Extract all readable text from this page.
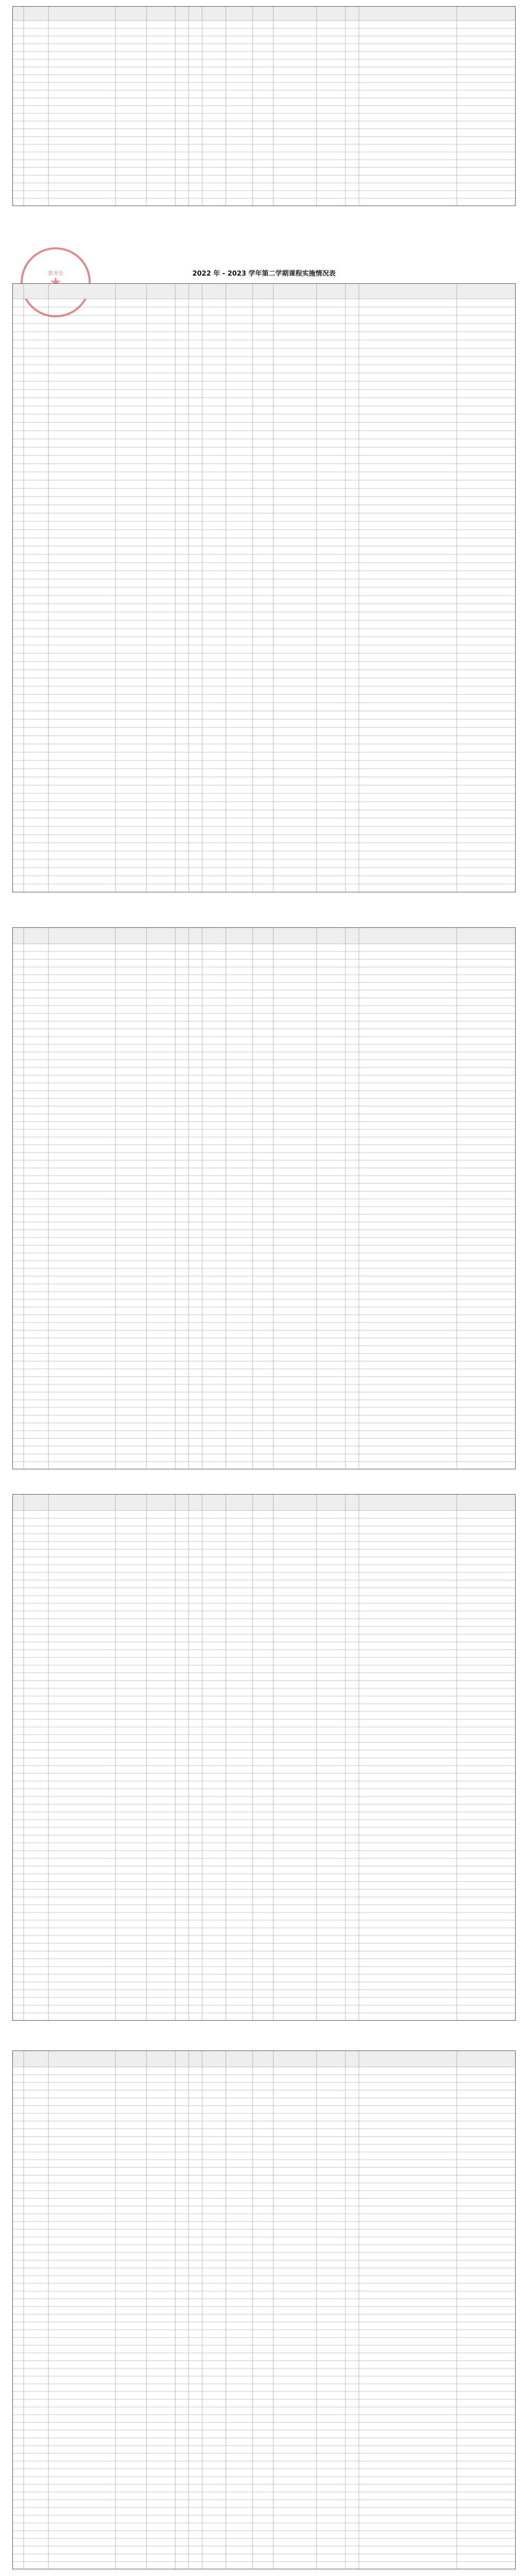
教务处	2022 年 - 2023 学年第二学期课程实施情况表
